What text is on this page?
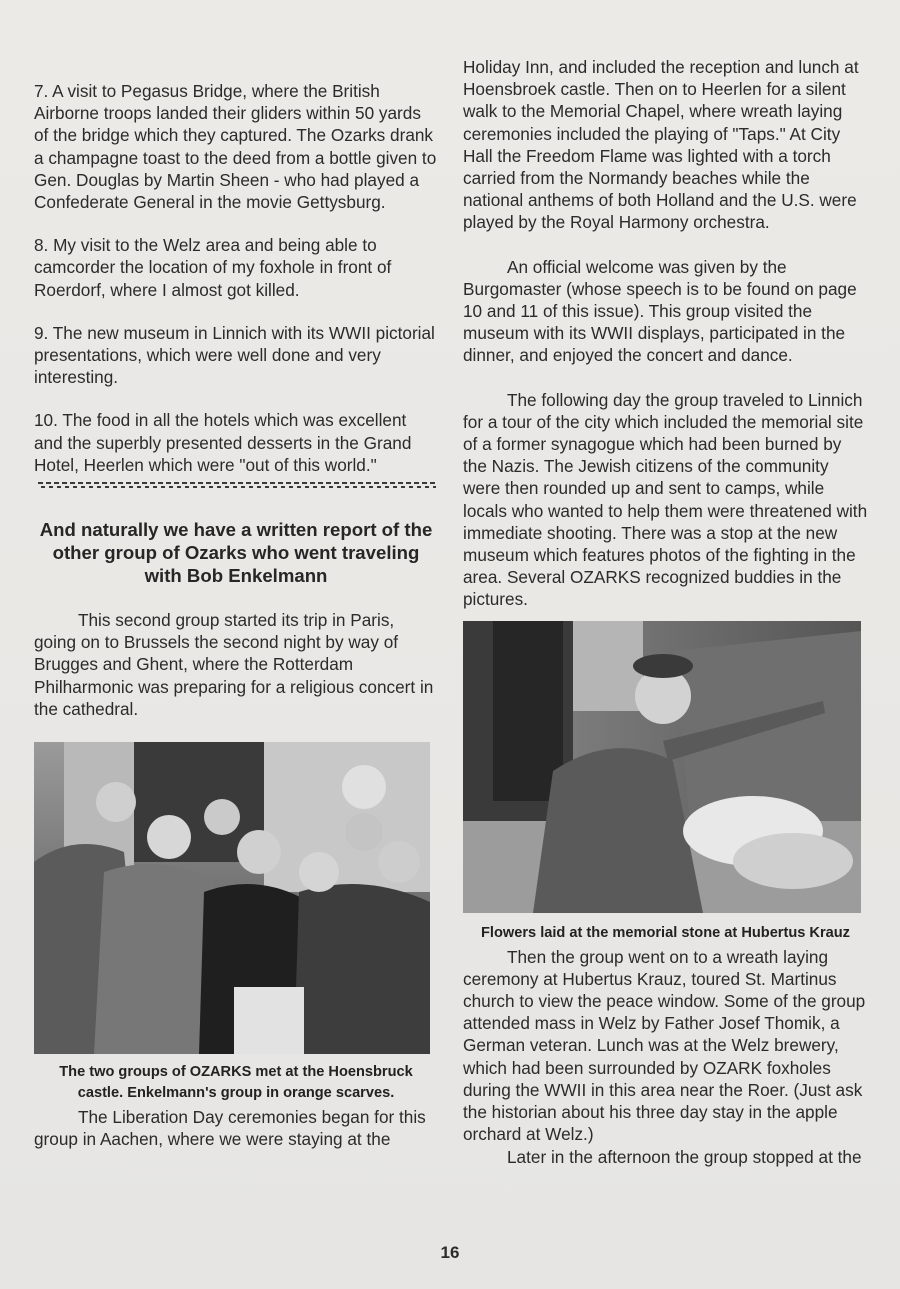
7. A visit to Pegasus Bridge, where the British Airborne troops landed their gliders within 50 yards of the bridge which they captured. The Ozarks drank a champagne toast to the deed from a bottle given to Gen. Douglas by Martin Sheen - who had played a Confederate General in the movie Gettysburg.

8. My visit to the Welz area and being able to camcorder the location of my foxhole in front of Roerdorf, where I almost got killed.

9. The new museum in Linnich with its WWII pictorial presentations, which were well done and very interesting.

10. The food in all the hotels which was excellent and the superbly presented desserts in the Grand Hotel, Heerlen which were "out of this world."

And naturally we have a written report of the other group of Ozarks who went traveling with Bob Enkelmann

This second group started its trip in Paris, going on to Brussels the second night by way of Brugges and Ghent, where the Rotterdam Philharmonic was preparing for a religious concert in the cathedral.

The two groups of OZARKS met at the Hoensbruck castle. Enkelmann's group in orange scarves.

The Liberation Day ceremonies began for this group in Aachen, where we were staying at the

Holiday Inn, and included the reception and lunch at Hoensbroek castle. Then on to Heerlen for a silent walk to the Memorial Chapel, where wreath laying ceremonies included the playing of "Taps." At City Hall the Freedom Flame was lighted with a torch carried from the Normandy beaches while the national anthems of both Holland and the U.S. were played by the Royal Harmony orchestra.

An official welcome was given by the Burgomaster (whose speech is to be found on page 10 and 11 of this issue). This group visited the museum with its WWII displays, participated in the dinner, and enjoyed the concert and dance.

The following day the group traveled to Linnich for a tour of the city which included the memorial site of a former synagogue which had been burned by the Nazis. The Jewish citizens of the community were then rounded up and sent to camps, while locals who wanted to help them were threatened with immediate shooting. There was a stop at the new museum which features photos of the fighting in the area. Several OZARKS recognized buddies in the pictures.

Flowers laid at the memorial stone at Hubertus Krauz

Then the group went on to a wreath laying ceremony at Hubertus Krauz, toured St. Martinus church to view the peace window. Some of the group attended mass in Welz by Father Josef Thomik, a German veteran. Lunch was at the Welz brewery, which had been surrounded by OZARK foxholes during the WWII in this area near the Roer. (Just ask the historian about his three day stay in the apple orchard at Welz.)

Later in the afternoon the group stopped at the

16
